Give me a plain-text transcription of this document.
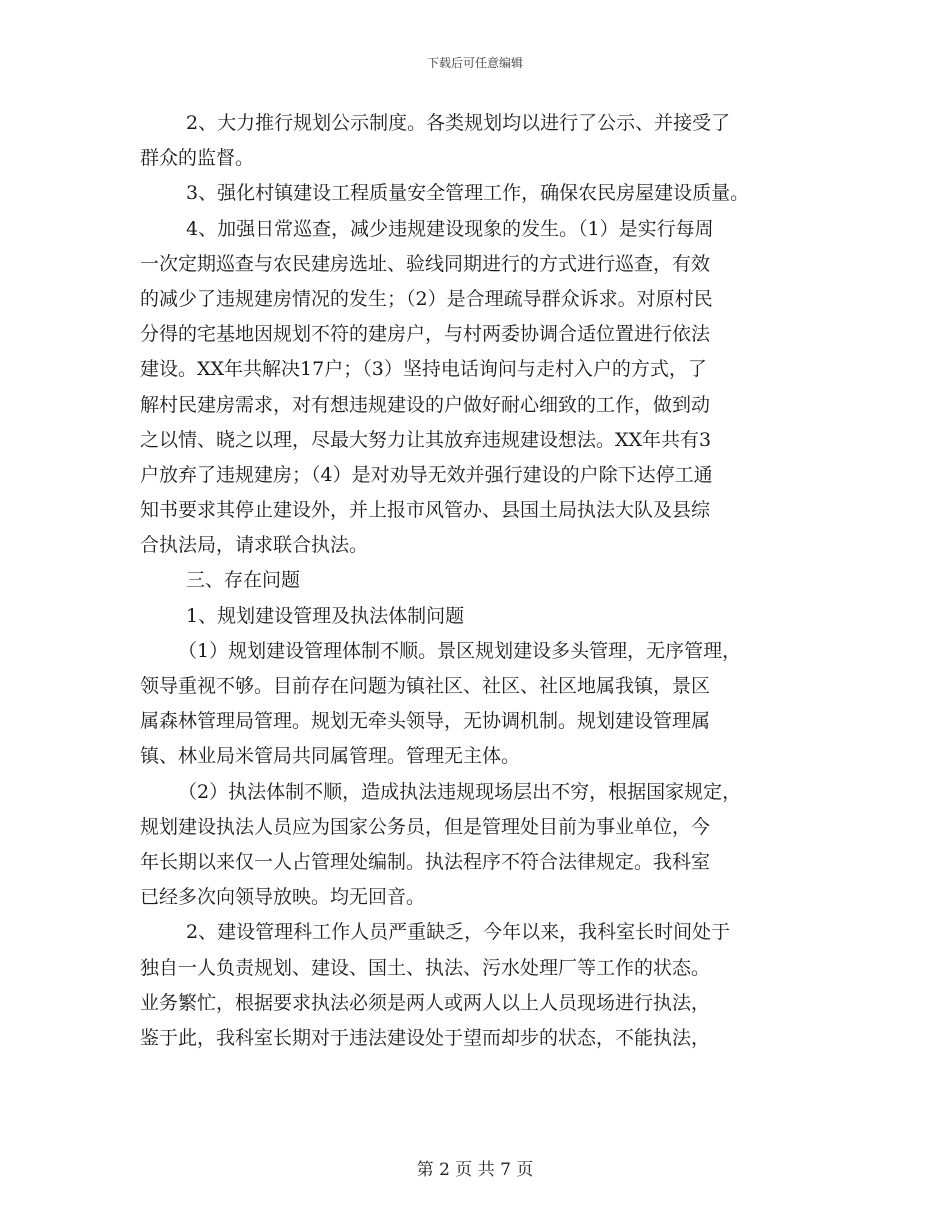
下载后可任意编辑
2、大力推行规划公示制度。各类规划均以进行了公示、并接受了
群众的监督。
3、强化村镇建设工程质量安全管理工作，确保农民房屋建设质量。
4、加强日常巡查，减少违规建设现象的发生。（1）是实行每周
一次定期巡查与农民建房选址、验线同期进行的方式进行巡查，有效
的减少了违规建房情况的发生；（2）是合理疏导群众诉求。对原村民
分得的宅基地因规划不符的建房户，与村两委协调合适位置进行依法
建设。XX年共解决17户；（3）坚持电话询问与走村入户的方式，了
解村民建房需求，对有想违规建设的户做好耐心细致的工作，做到动
之以情、晓之以理，尽最大努力让其放弃违规建设想法。XX年共有3
户放弃了违规建房；（4）是对劝导无效并强行建设的户除下达停工通
知书要求其停止建设外，并上报市风管办、县国土局执法大队及县综
合执法局，请求联合执法。
三、存在问题
1、规划建设管理及执法体制问题
（1）规划建设管理体制不顺。景区规划建设多头管理，无序管理，
领导重视不够。目前存在问题为镇社区、社区、社区地属我镇，景区
属森林管理局管理。规划无牵头领导，无协调机制。规划建设管理属
镇、林业局米管局共同属管理。管理无主体。
（2）执法体制不顺，造成执法违规现场层出不穷，根据国家规定，
规划建设执法人员应为国家公务员，但是管理处目前为事业单位，今
年长期以来仅一人占管理处编制。执法程序不符合法律规定。我科室
已经多次向领导放映。均无回音。
2、建设管理科工作人员严重缺乏，今年以来，我科室长时间处于
独自一人负责规划、建设、国土、执法、污水处理厂等工作的状态。
业务繁忙，根据要求执法必须是两人或两人以上人员现场进行执法，
鉴于此，我科室长期对于违法建设处于望而却步的状态，不能执法，
第 2 页 共 7 页
